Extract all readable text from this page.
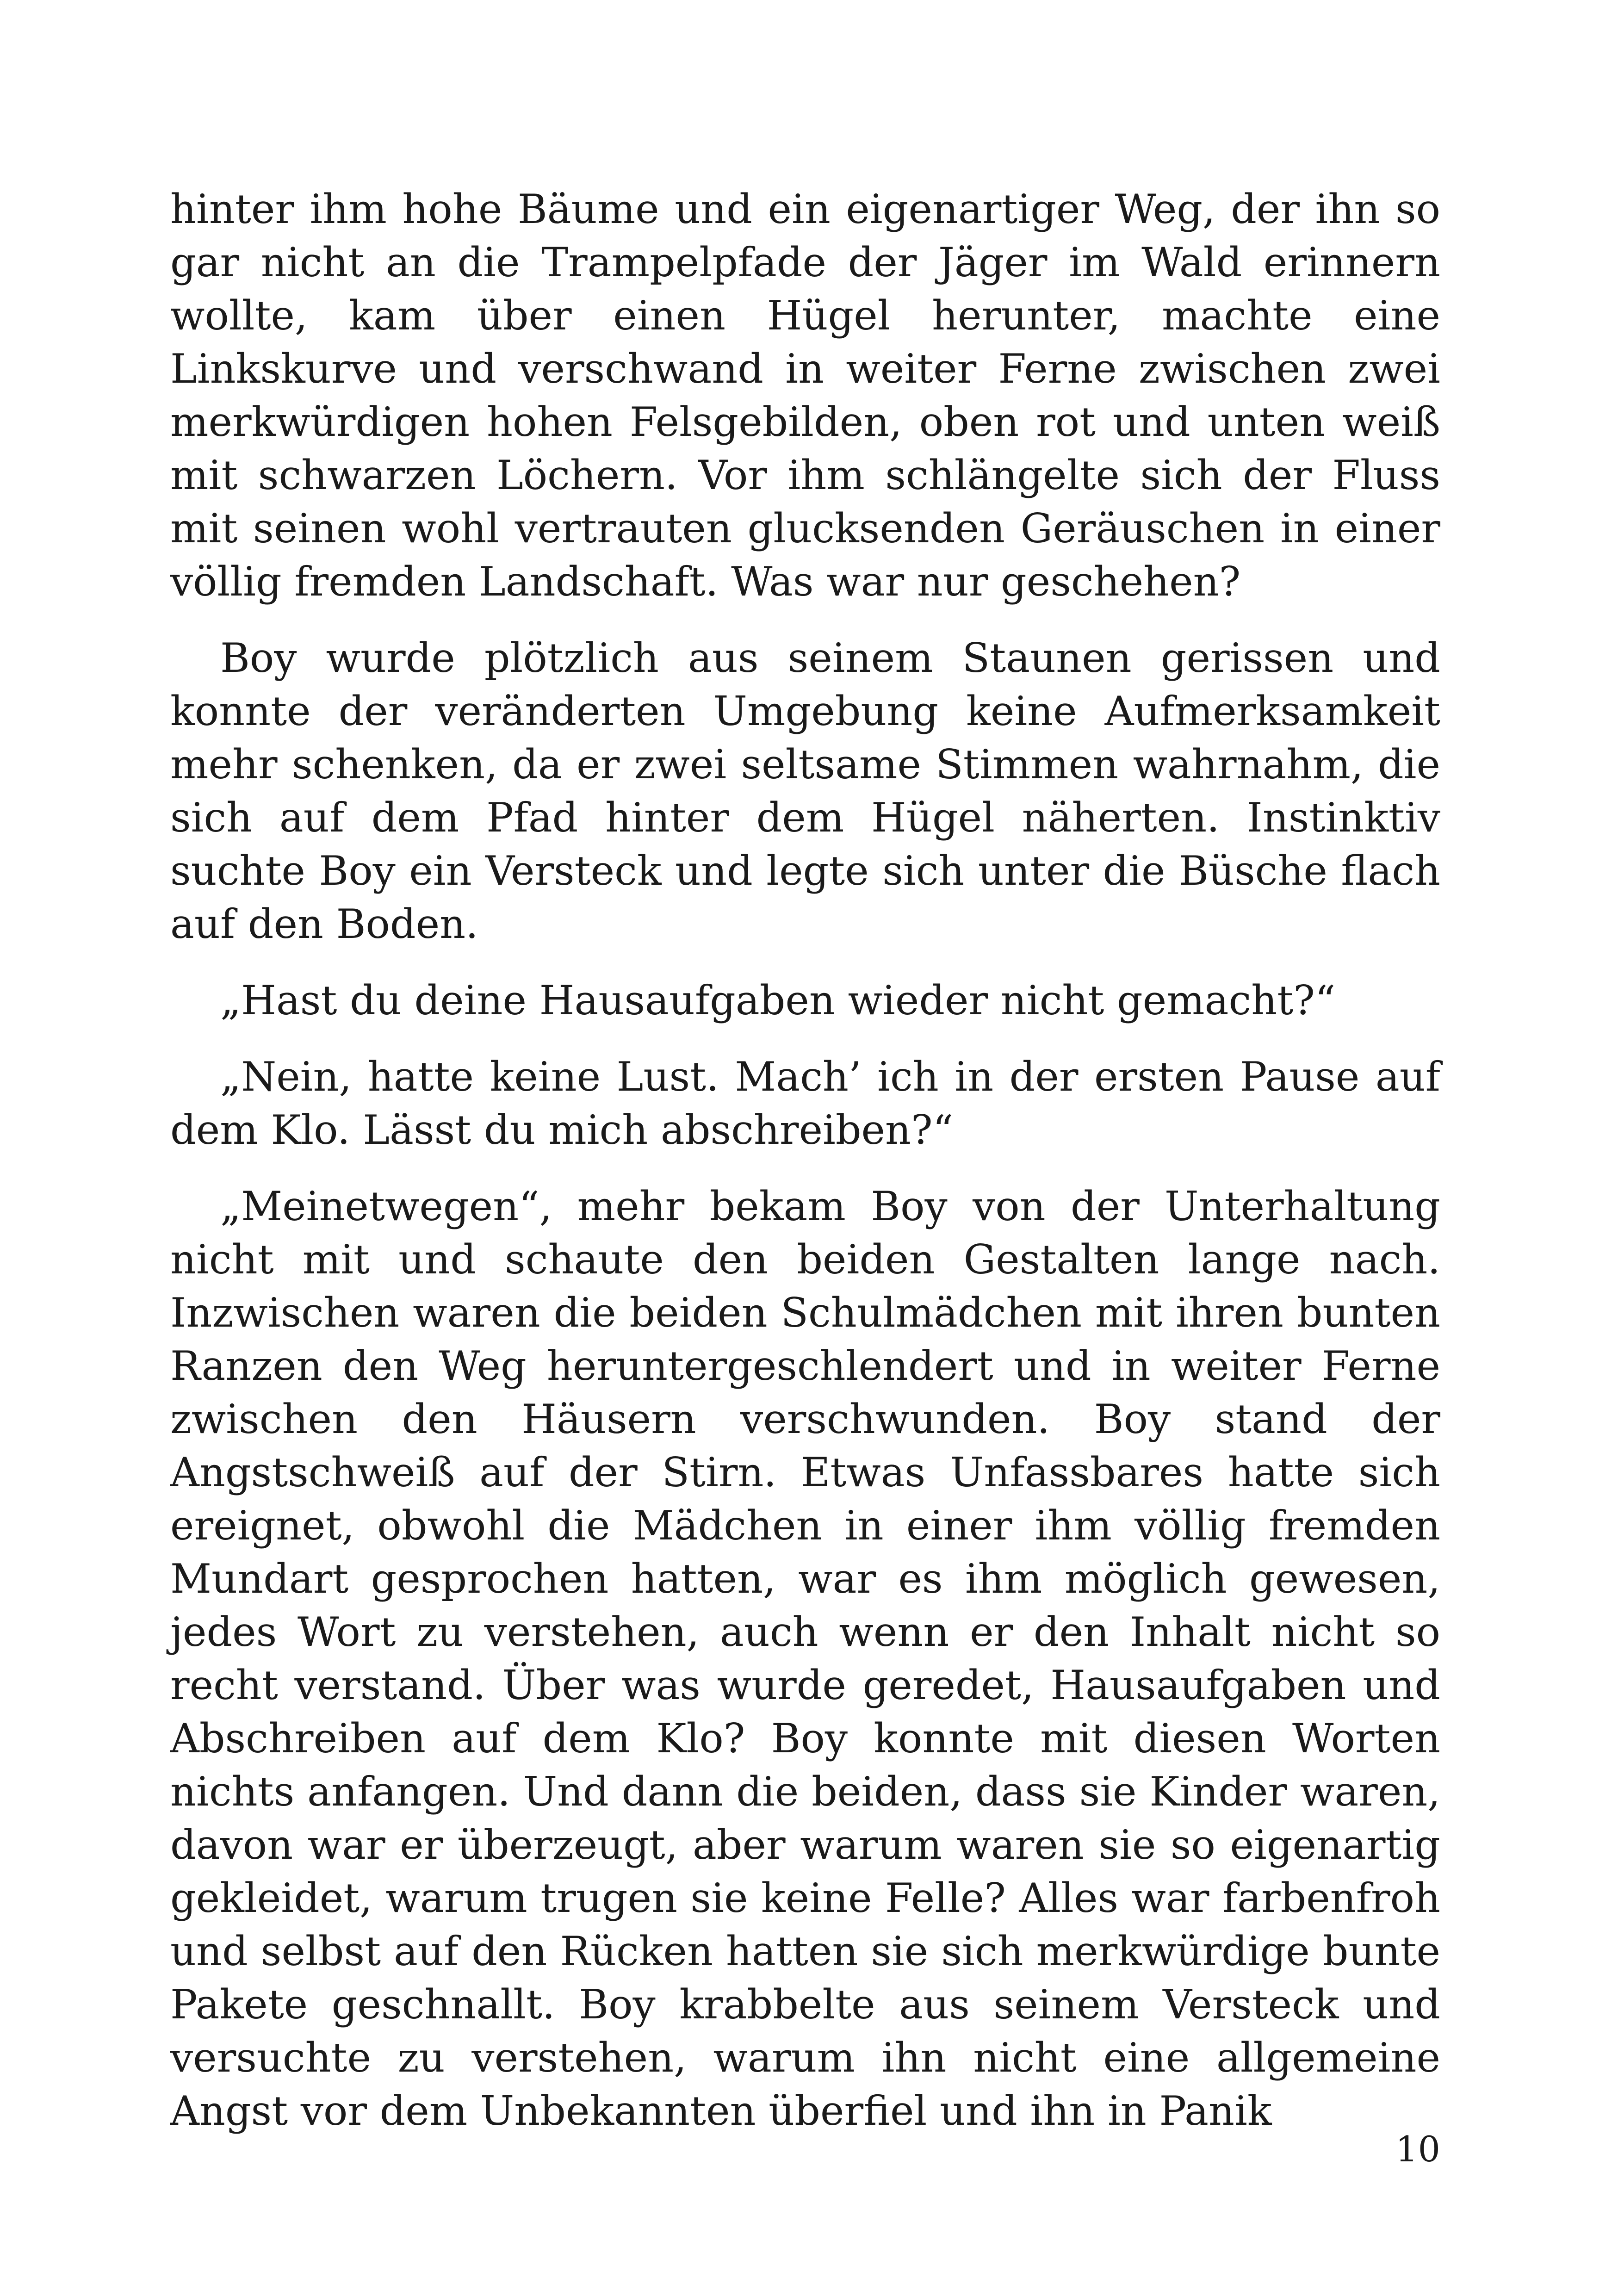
hinter ihm hohe Bäume und ein eigenartiger Weg, der ihn so gar nicht an die Trampelpfade der Jäger im Wald erinnern wollte, kam über einen Hügel herunter, machte eine Linkskurve und verschwand in weiter Ferne zwischen zwei merkwürdigen hohen Felsgebilden, oben rot und unten weiß mit schwarzen Löchern. Vor ihm schlängelte sich der Fluss mit seinen wohl vertrauten glucksenden Geräuschen in einer völlig fremden Landschaft. Was war nur geschehen?

Boy wurde plötzlich aus seinem Staunen gerissen und konnte der veränderten Umgebung keine Aufmerksamkeit mehr schenken, da er zwei seltsame Stimmen wahrnahm, die sich auf dem Pfad hinter dem Hügel näherten. Instinktiv suchte Boy ein Versteck und legte sich unter die Büsche flach auf den Boden.

„Hast du deine Hausaufgaben wieder nicht gemacht?“

„Nein, hatte keine Lust. Mach’ ich in der ersten Pause auf dem Klo. Lässt du mich abschreiben?“

„Meinetwegen“, mehr bekam Boy von der Unterhaltung nicht mit und schaute den beiden Gestalten lange nach. Inzwischen waren die beiden Schulmädchen mit ihren bunten Ranzen den Weg heruntergeschlendert und in weiter Ferne zwischen den Häusern verschwunden. Boy stand der Angstschweiß auf der Stirn. Etwas Unfassbares hatte sich ereignet, obwohl die Mädchen in einer ihm völlig fremden Mundart gesprochen hatten, war es ihm möglich gewesen, jedes Wort zu verstehen, auch wenn er den Inhalt nicht so recht verstand. Über was wurde geredet, Hausaufgaben und Abschreiben auf dem Klo? Boy konnte mit diesen Worten nichts anfangen. Und dann die beiden, dass sie Kinder waren, davon war er überzeugt, aber warum waren sie so eigenartig gekleidet, warum trugen sie keine Felle? Alles war farbenfroh und selbst auf den Rücken hatten sie sich merkwürdige bunte Pakete geschnallt. Boy krabbelte aus seinem Versteck und versuchte zu verstehen, warum ihn nicht eine allgemeine Angst vor dem Unbekannten überfiel und ihn in Panik

10
